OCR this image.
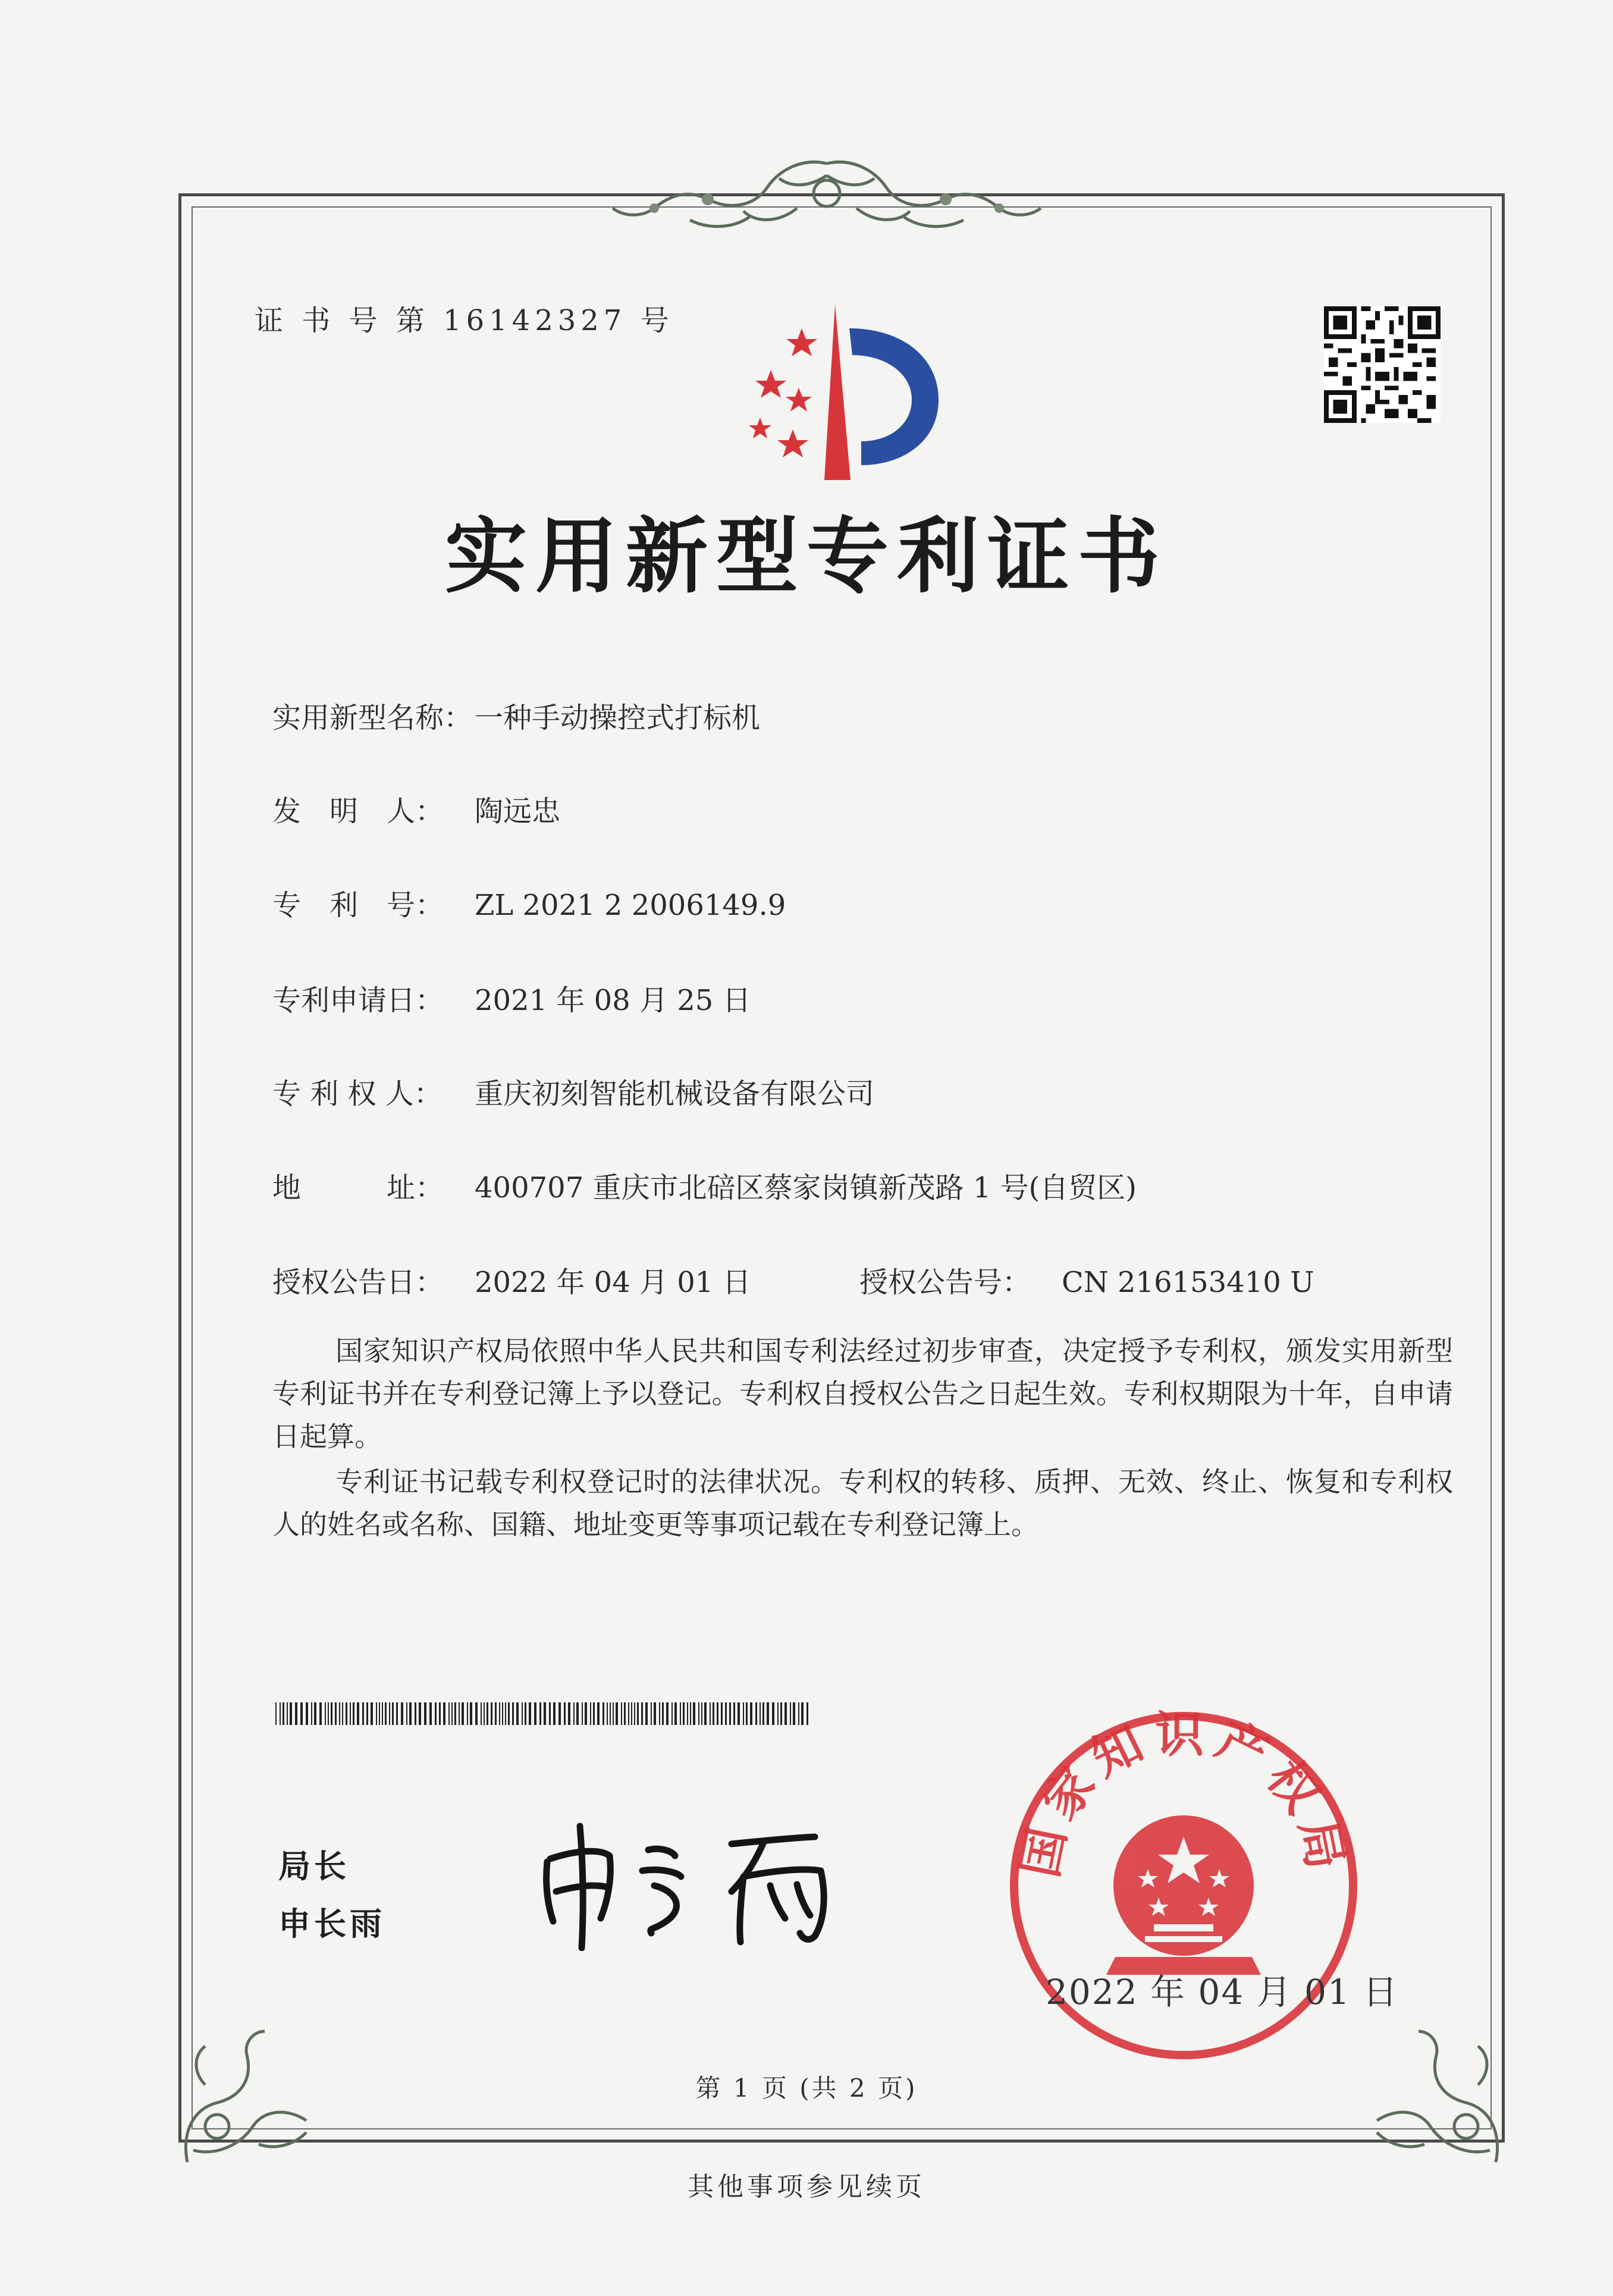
证 书 号 第 16142327 号
实用新型专利证书
实用新型名称：一种手动操控式打标机
发　明　人： 陶远忠
专　利　号： ZL 2021 2 2006149.9
专利申请日： 2021 年 08 月 25 日
专 利 权 人： 重庆初刻智能机械设备有限公司
地　　　址： 400707 重庆市北碚区蔡家岗镇新茂路 1 号(自贸区)
授权公告日： 2022 年 04 月 01 日	授权公告号： CN 216153410 U
国家知识产权局依照中华人民共和国专利法经过初步审查，决定授予专利权，颁发实用新型专利证书并在专利登记簿上予以登记。专利权自授权公告之日起生效。专利权期限为十年，自申请日起算。
专利证书记载专利权登记时的法律状况。专利权的转移、质押、无效、终止、恢复和专利权人的姓名或名称、国籍、地址变更等事项记载在专利登记簿上。
局长
申长雨
国家知识产权局
2022 年 04 月 01 日
第 1 页 (共 2 页)
其他事项参见续页
